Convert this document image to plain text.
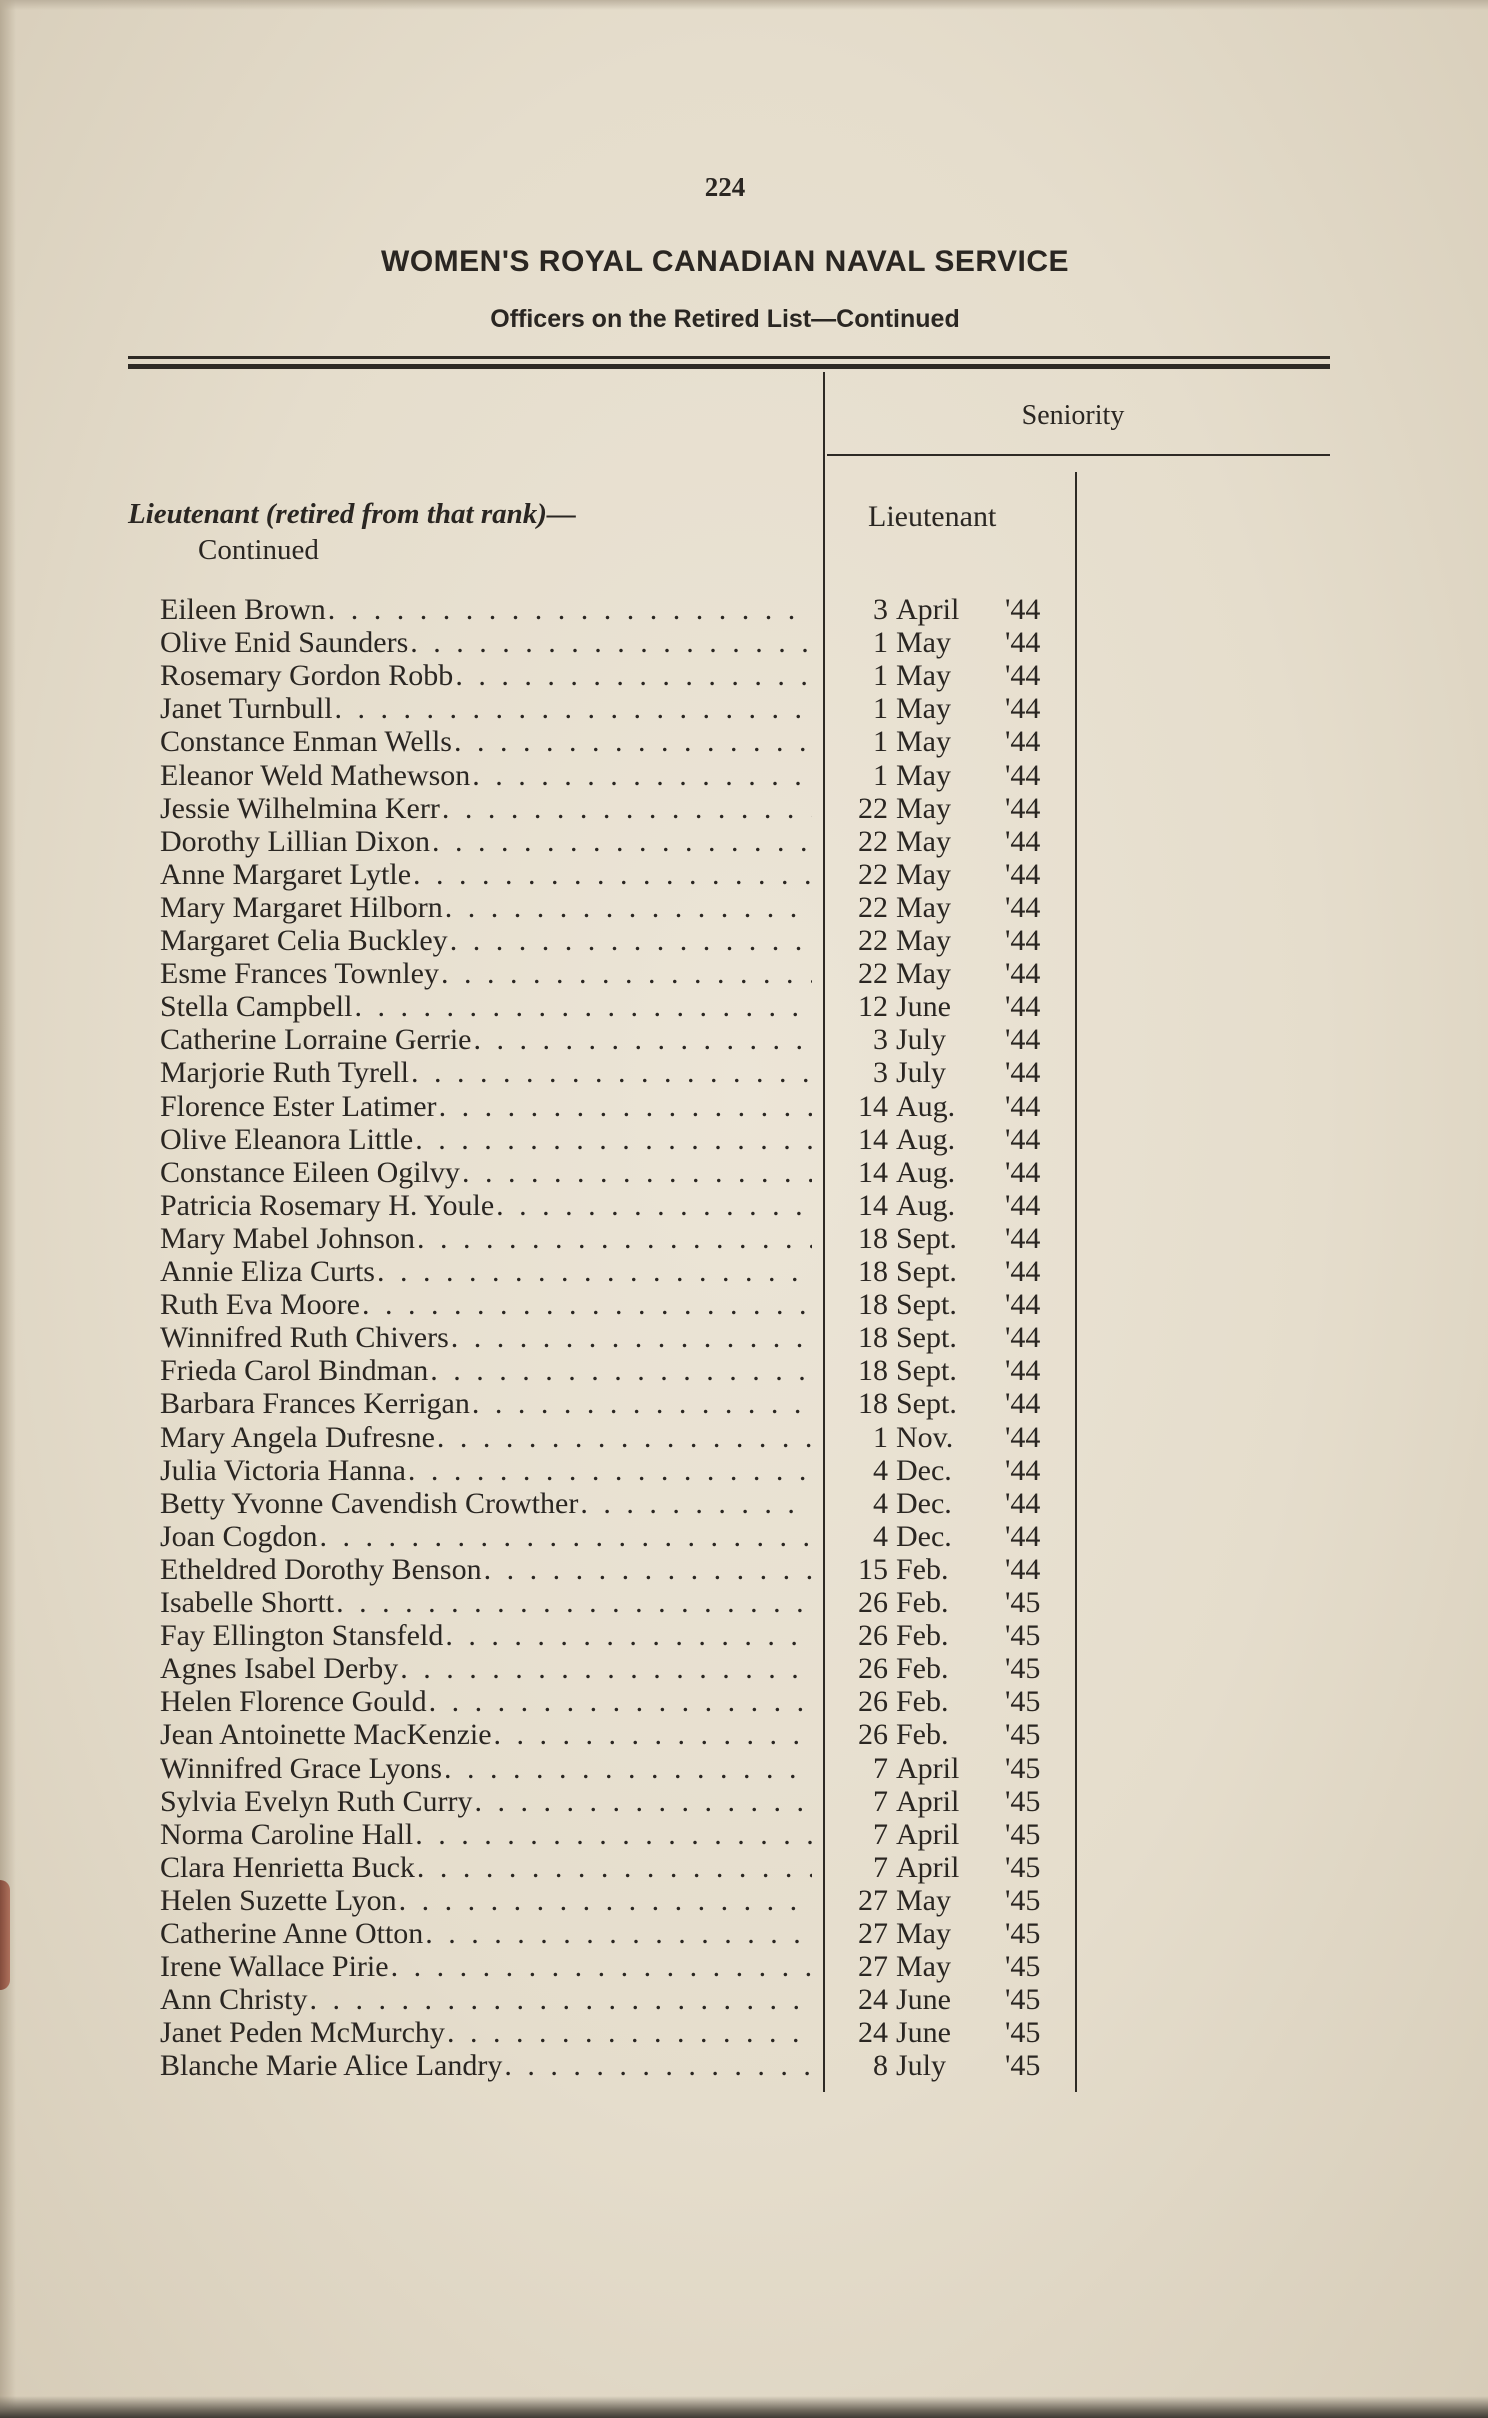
224
WOMEN'S ROYAL CANADIAN NAVAL SERVICE
Officers on the Retired List—Continued
Seniority
Lieutenant
Lieutenant (retired from that rank)—
Continued
Eileen Brown . . .	3 April	'44
Olive Enid Saunders . . .	1 May	'44
Rosemary Gordon Robb . . .	1 May	'44
Janet Turnbull . . .	1 May	'44
Constance Enman Wells . . .	1 May	'44
Eleanor Weld Mathewson . . .	1 May	'44
Jessie Wilhelmina Kerr . . .	22 May	'44
Dorothy Lillian Dixon . . .	22 May	'44
Anne Margaret Lytle . . .	22 May	'44
Mary Margaret Hilborn . . .	22 May	'44
Margaret Celia Buckley . . .	22 May	'44
Esme Frances Townley . . .	22 May	'44
Stella Campbell . . .	12 June	'44
Catherine Lorraine Gerrie . . .	3 July	'44
Marjorie Ruth Tyrell . . .	3 July	'44
Florence Ester Latimer . . .	14 Aug.	'44
Olive Eleanora Little . . .	14 Aug.	'44
Constance Eileen Ogilvy . . .	14 Aug.	'44
Patricia Rosemary H. Youle . . .	14 Aug.	'44
Mary Mabel Johnson . . .	18 Sept.	'44
Annie Eliza Curts . . .	18 Sept.	'44
Ruth Eva Moore . . .	18 Sept.	'44
Winnifred Ruth Chivers . . .	18 Sept.	'44
Frieda Carol Bindman . . .	18 Sept.	'44
Barbara Frances Kerrigan . . .	18 Sept.	'44
Mary Angela Dufresne . . .	1 Nov.	'44
Julia Victoria Hanna . . .	4 Dec.	'44
Betty Yvonne Cavendish Crowther . . .	4 Dec.	'44
Joan Cogdon . . .	4 Dec.	'44
Etheldred Dorothy Benson . . .	15 Feb.	'44
Isabelle Shortt . . .	26 Feb.	'45
Fay Ellington Stansfeld . . .	26 Feb.	'45
Agnes Isabel Derby . . .	26 Feb.	'45
Helen Florence Gould . . .	26 Feb.	'45
Jean Antoinette MacKenzie . . .	26 Feb.	'45
Winnifred Grace Lyons . . .	7 April	'45
Sylvia Evelyn Ruth Curry . . .	7 April	'45
Norma Caroline Hall . . .	7 April	'45
Clara Henrietta Buck . . .	7 April	'45
Helen Suzette Lyon . . .	27 May	'45
Catherine Anne Otton . . .	27 May	'45
Irene Wallace Pirie . . .	27 May	'45
Ann Christy . . .	24 June	'45
Janet Peden McMurchy . . .	24 June	'45
Blanche Marie Alice Landry . . .	8 July	'45
